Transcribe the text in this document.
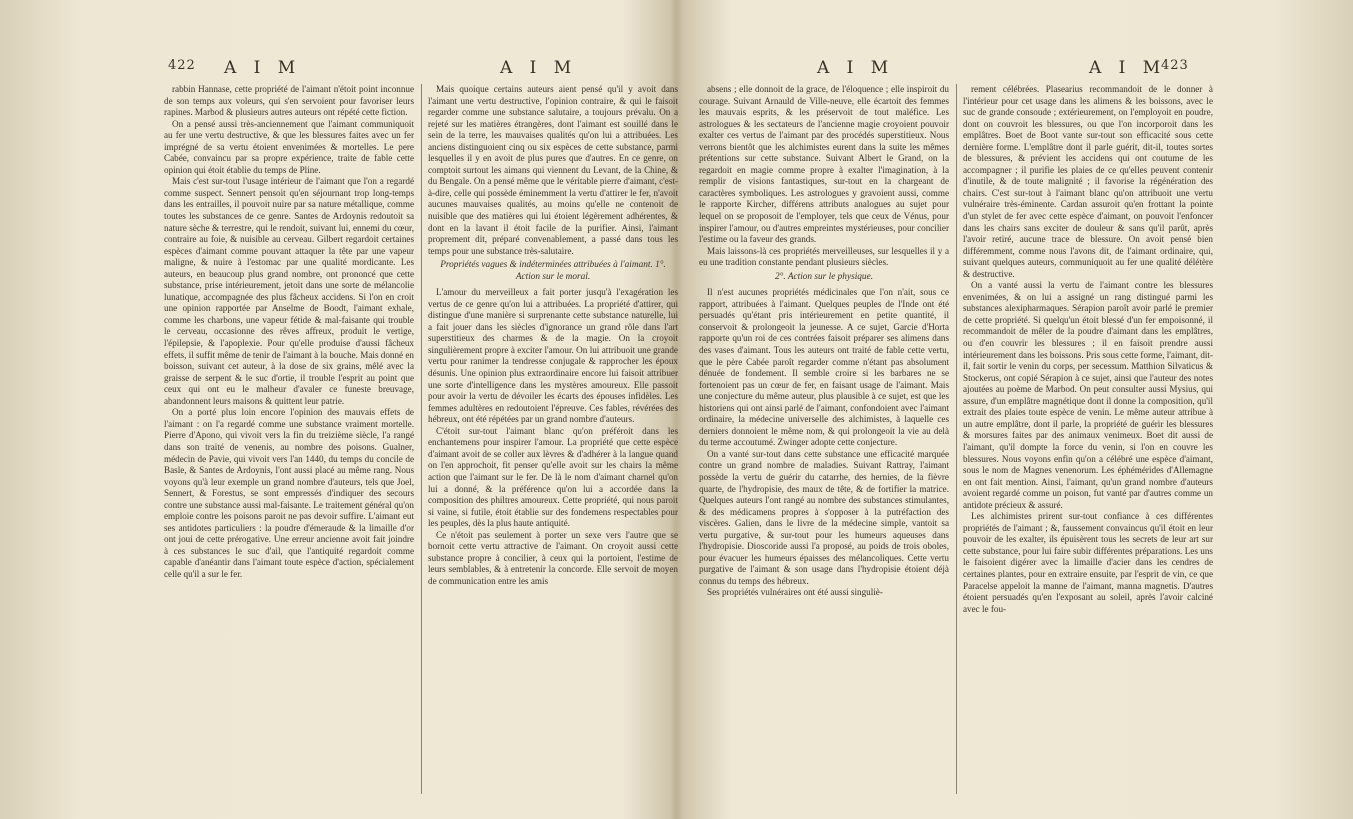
422 A I M	A I M

rabbin Hannase, cette propriété de l'aimant n'étoit point inconnue de son temps aux voleurs, qui s'en servoient pour favoriser leurs rapines. Marbod & plusieurs autres auteurs ont répété cette fiction.

On a pensé aussi très-anciennement que l'aimant communiquoit au fer une vertu destructive, & que les blessures faites avec un fer imprégné de sa vertu étoient envenimées & mortelles. Le pere Cabée, convaincu par sa propre expérience, traite de fable cette opinion qui étoit établie du temps de Pline.

Mais c'est sur-tout l'usage intérieur de l'aimant que l'on a regardé comme suspect. Sennert pensoit qu'en séjournant trop long-temps dans les entrailles, il pouvoit nuire par sa nature métallique, comme toutes les substances de ce genre. Santes de Ardoynis redoutoit sa nature sèche & terrestre, qui le rendoit, suivant lui, ennemi du cœur, contraire au foie, & nuisible au cerveau. Gilbert regardoit certaines espèces d'aimant comme pouvant attaquer la tête par une vapeur maligne, & nuire à l'estomac par une qualité mordicante. Les auteurs, en beaucoup plus grand nombre, ont prononcé que cette substance, prise intérieurement, jetoit dans une sorte de mélancolie lunatique, accompagnée des plus fâcheux accidens. Si l'on en croit une opinion rapportée par Anselme de Boodt, l'aimant exhale, comme les charbons, une vapeur fétide & mal-faisante qui trouble le cerveau, occasionne des rêves affreux, produit le vertige, l'épilepsie, & l'apoplexie. Pour qu'elle produise d'aussi fâcheux effets, il suffit même de tenir de l'aimant à la bouche. Mais donné en boisson, suivant cet auteur, à la dose de six grains, mêlé avec la graisse de serpent & le suc d'ortie, il trouble l'esprit au point que ceux qui ont eu le malheur d'avaler ce funeste breuvage, abandonnent leurs maisons & quittent leur patrie.

On a porté plus loin encore l'opinion des mauvais effets de l'aimant : on l'a regardé comme une substance vraiment mortelle. Pierre d'Apono, qui vivoit vers la fin du treizième siècle, l'a rangé dans son traité de venenis, au nombre des poisons. Gualner, médecin de Pavie, qui vivoit vers l'an 1440, du temps du concile de Basle, & Santes de Ardoynis, l'ont aussi placé au même rang. Nous voyons qu'à leur exemple un grand nombre d'auteurs, tels que Joel, Sennert, & Forestus, se sont empressés d'indiquer des secours contre une substance aussi mal-faisante. Le traitement général qu'on emploie contre les poisons paroit ne pas devoir suffire. L'aimant eut ses antidotes particuliers : la poudre d'émeraude & la limaille d'or ont joui de cette prérogative. Une erreur ancienne avoit fait joindre à ces substances le suc d'ail, que l'antiquité regardoit comme capable d'anéantir dans l'aimant toute espèce d'action, spécialement celle qu'il a sur le fer.

Mais quoique certains auteurs aient pensé qu'il y avoit dans l'aimant une vertu destructive, l'opinion contraire, & qui le faisoit regarder comme une substance salutaire, a toujours prévalu. On a rejeté sur les matières étrangères, dont l'aimant est souillé dans le sein de la terre, les mauvaises qualités qu'on lui a attribuées. Les anciens distinguoient cinq ou six espèces de cette substance, parmi lesquelles il y en avoit de plus pures que d'autres. En ce genre, on comptoit surtout les aimans qui viennent du Levant, de la Chine, & du Bengale. On a pensé même que le véritable pierre d'aimant, c'est-à-dire, celle qui possède éminemment la vertu d'attirer le fer, n'avoit aucunes mauvaises qualités, au moins qu'elle ne contenoit de nuisible que des matières qui lui étoient légèrement adhérentes, & dont en la lavant il étoit facile de la purifier. Ainsi, l'aimant proprement dit, préparé convenablement, a passé dans tous les temps pour une substance très-salutaire.

Propriétés vagues & indéterminées attribuées à l'aimant. 1°. Action sur le moral.

L'amour du merveilleux a fait porter jusqu'à l'exagération les vertus de ce genre qu'on lui a attribuées. La propriété d'attirer, qui distingue d'une manière si surprenante cette substance naturelle, lui a fait jouer dans les siècles d'ignorance un grand rôle dans l'art superstitieux des charmes & de la magie. On la croyoit singulièrement propre à exciter l'amour. On lui attribuoit une grande vertu pour ranimer la tendresse conjugale & rapprocher les époux désunis. Une opinion plus extraordinaire encore lui faisoit attribuer une sorte d'intelligence dans les mystères amoureux. Elle passoit pour avoir la vertu de dévoiler les écarts des épouses infidèles. Les femmes adultères en redoutoient l'épreuve. Ces fables, révérées des hébreux, ont été répétées par un grand nombre d'auteurs.

C'étoit sur-tout l'aimant blanc qu'on préféroit dans les enchantemens pour inspirer l'amour. La propriété que cette espèce d'aimant avoit de se coller aux lèvres & d'adhérer à la langue quand on l'en approchoit, fit penser qu'elle avoit sur les chairs la même action que l'aimant sur le fer. De là le nom d'aimant charnel qu'on lui a donné, & la préférence qu'on lui a accordée dans la composition des philtres amoureux. Cette propriété, qui nous paroit si vaine, si futile, étoit établie sur des fondemens respectables pour les peuples, dès la plus haute antiquité.

Ce n'étoit pas seulement à porter un sexe vers l'autre que se bornoit cette vertu attractive de l'aimant. On croyoit aussi cette substance propre à concilier, à ceux qui la portoient, l'estime de leurs semblables, & à entretenir la concorde. Elle servoit de moyen de communication entre les amis

A I M	A I M
423

absens ; elle donnoit de la grace, de l'éloquence ; elle inspiroit du courage. Suivant Arnauld de Ville-neuve, elle écartoit des femmes les mauvais esprits, & les préservoit de tout maléfice. Les astrologues & les sectateurs de l'ancienne magie croyoient pouvoir exalter ces vertus de l'aimant par des procédés superstitieux. Nous verrons bientôt que les alchimistes eurent dans la suite les mêmes prétentions sur cette substance. Suivant Albert le Grand, on la regardoit en magie comme propre à exalter l'imagination, à la remplir de visions fantastiques, sur-tout en la chargeant de caractères symboliques. Les astrologues y gravoient aussi, comme le rapporte Kircher, différens attributs analogues au sujet pour lequel on se proposoit de l'employer, tels que ceux de Vénus, pour inspirer l'amour, ou d'autres empreintes mystérieuses, pour concilier l'estime ou la faveur des grands.

Mais laissons-là ces propriétés merveilleuses, sur lesquelles il y a eu une tradition constante pendant plusieurs siècles.

2°. Action sur le physique.

Il n'est aucunes propriétés médicinales que l'on n'ait, sous ce rapport, attribuées à l'aimant. Quelques peuples de l'Inde ont été persuadés qu'étant pris intérieurement en petite quantité, il conservoit & prolongeoit la jeunesse. A ce sujet, Garcie d'Horta rapporte qu'un roi de ces contrées faisoit préparer ses alimens dans des vases d'aimant. Tous les auteurs ont traité de fable cette vertu, que le père Cabée paroît regarder comme n'étant pas absolument dénuée de fondement. Il semble croire si les barbares ne se fortenoient pas un cœur de fer, en faisant usage de l'aimant. Mais une conjecture du même auteur, plus plausible à ce sujet, est que les historiens qui ont ainsi parlé de l'aimant, confondoient avec l'aimant ordinaire, la médecine universelle des alchimistes, à laquelle ces derniers donnoient le même nom, & qui prolongeoit la vie au delà du terme accoutumé. Zwinger adopte cette conjecture.

On a vanté sur-tout dans cette substance une efficacité marquée contre un grand nombre de maladies. Suivant Rattray, l'aimant possède la vertu de guérir du catarrhe, des hernies, de la fièvre quarte, de l'hydropisie, des maux de tête, & de fortifier la matrice. Quelques auteurs l'ont rangé au nombre des substances stimulantes, & des médicamens propres à s'opposer à la putréfaction des viscères. Galien, dans le livre de la médecine simple, vantoit sa vertu purgative, & sur-tout pour les humeurs aqueuses dans l'hydropisie. Dioscoride aussi l'a proposé, au poids de trois oboles, pour évacuer les humeurs épaisses des mélancoliques. Cette vertu purgative de l'aimant & son usage dans l'hydropisie étoient déjà connus du temps des hébreux.

Ses propriétés vulnéraires ont été aussi singuliè-

rement célébrées. Plasearius recommandoit de le donner à l'intérieur pour cet usage dans les alimens & les boissons, avec le suc de grande consoude ; extérieurement, on l'employoit en poudre, dont on couvroit les blessures, ou que l'on incorporoit dans les emplâtres. Boet de Boot vante sur-tout son efficacité sous cette dernière forme. L'emplâtre dont il parle guérit, dit-il, toutes sortes de blessures, & prévient les accidens qui ont coutume de les accompagner ; il purifie les plaies de ce qu'elles peuvent contenir d'inutile, & de toute malignité ; il favorise la régénération des chairs. C'est sur-tout à l'aimant blanc qu'on attribuoit une vertu vulnéraire très-éminente. Cardan assuroit qu'en frottant la pointe d'un stylet de fer avec cette espèce d'aimant, on pouvoit l'enfoncer dans les chairs sans exciter de douleur & sans qu'il parût, après l'avoir retiré, aucune trace de blessure. On avoit pensé bien différemment, comme nous l'avons dit, de l'aimant ordinaire, qui, suivant quelques auteurs, communiquoit au fer une qualité délétère & destructive.

On a vanté aussi la vertu de l'aimant contre les blessures envenimées, & on lui a assigné un rang distingué parmi les substances alexipharmaques. Sérapion paroît avoir parlé le premier de cette propriété. Si quelqu'un étoit blessé d'un fer empoisonné, il recommandoit de mêler de la poudre d'aimant dans les emplâtres, ou d'en couvrir les blessures ; il en faisoit prendre aussi intérieurement dans les boissons. Pris sous cette forme, l'aimant, dit-il, fait sortir le venin du corps, per secessum. Matthion Silvaticus & Stockerus, ont copié Sérapion à ce sujet, ainsi que l'auteur des notes ajoutées au poème de Marbod. On peut consulter aussi Mysius, qui assure, d'un emplâtre magnétique dont il donne la composition, qu'il extrait des plaies toute espèce de venin. Le même auteur attribue à un autre emplâtre, dont il parle, la propriété de guérir les blessures & morsures faites par des animaux venimeux. Boet dit aussi de l'aimant, qu'il dompte la force du venin, si l'on en couvre les blessures. Nous voyons enfin qu'on a célébré une espèce d'aimant, sous le nom de Magnes venenorum. Les éphémérides d'Allemagne en ont fait mention. Ainsi, l'aimant, qu'un grand nombre d'auteurs avoient regardé comme un poison, fut vanté par d'autres comme un antidote précieux & assuré.

Les alchimistes prirent sur-tout confiance à ces différentes propriétés de l'aimant ; &, faussement convaincus qu'il étoit en leur pouvoir de les exalter, ils épuisèrent tous les secrets de leur art sur cette substance, pour lui faire subir différentes préparations. Les uns le faisoient digérer avec la limaille d'acier dans les cendres de certaines plantes, pour en extraire ensuite, par l'esprit de vin, ce que Paracelse appeloit la manne de l'aimant, manna magnetis. D'autres étoient persuadés qu'en l'exposant au soleil, après l'avoir calciné avec le fou-
